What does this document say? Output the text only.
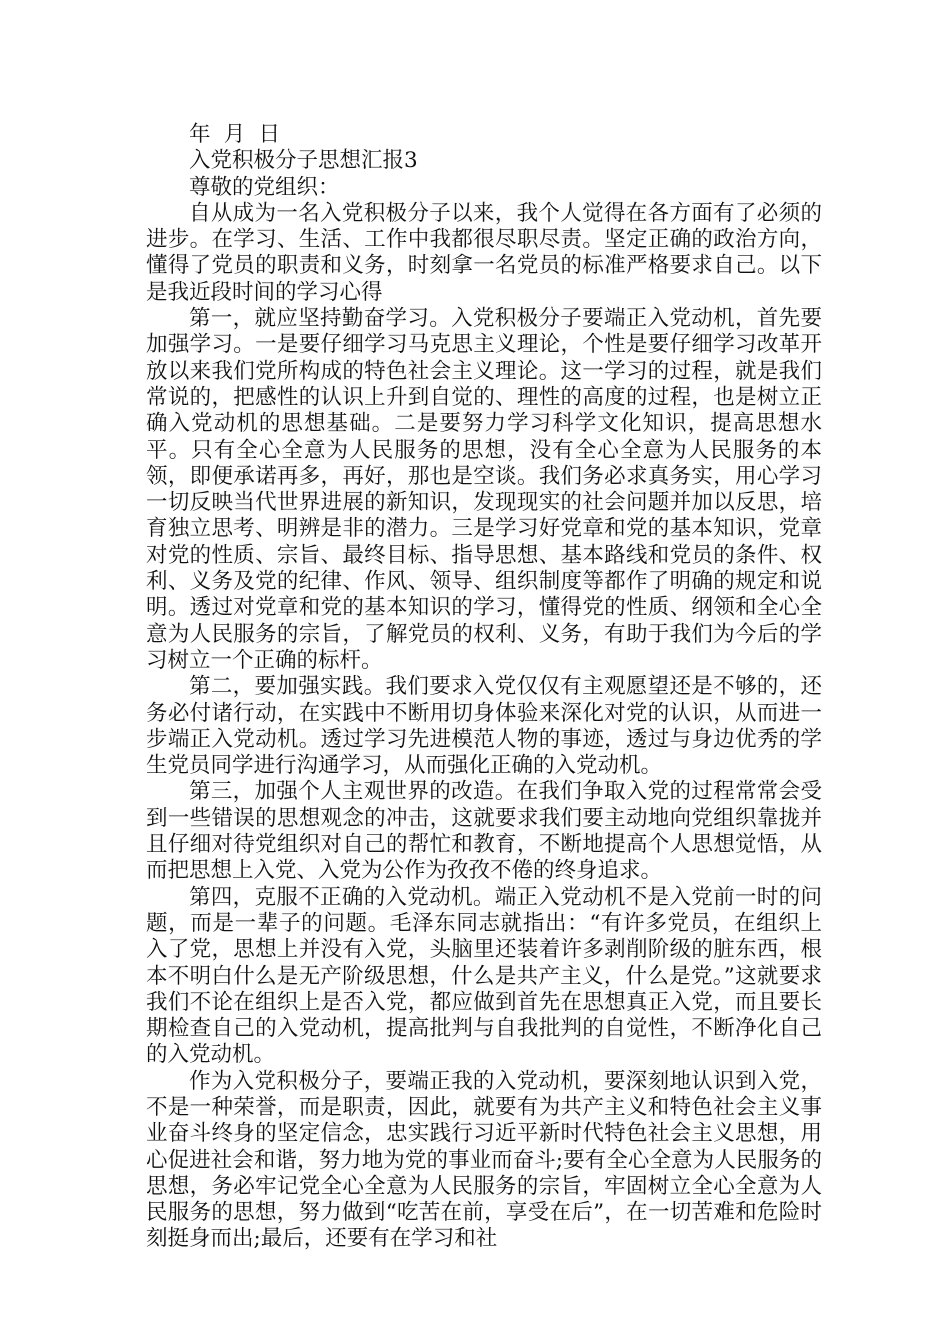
年 月 日

入党积极分子思想汇报3

尊敬的党组织：

自从成为一名入党积极分子以来，我个人觉得在各方面有了必须的进步。在学习、生活、工作中我都很尽职尽责。坚定正确的政治方向，懂得了党员的职责和义务，时刻拿一名党员的标准严格要求自己。以下是我近段时间的学习心得

第一，就应坚持勤奋学习。入党积极分子要端正入党动机，首先要加强学习。一是要仔细学习马克思主义理论，个性是要仔细学习改革开放以来我们党所构成的特色社会主义理论。这一学习的过程，就是我们常说的，把感性的认识上升到自觉的、理性的高度的过程，也是树立正确入党动机的思想基础。二是要努力学习科学文化知识，提高思想水平。只有全心全意为人民服务的思想，没有全心全意为人民服务的本领，即便承诺再多，再好，那也是空谈。我们务必求真务实，用心学习一切反映当代世界进展的新知识，发现现实的社会问题并加以反思，培育独立思考、明辨是非的潜力。三是学习好党章和党的基本知识，党章对党的性质、宗旨、最终目标、指导思想、基本路线和党员的条件、权利、义务及党的纪律、作风、领导、组织制度等都作了明确的规定和说明。透过对党章和党的基本知识的学习，懂得党的性质、纲领和全心全意为人民服务的宗旨，了解党员的权利、义务，有助于我们为今后的学习树立一个正确的标杆。

第二，要加强实践。我们要求入党仅仅有主观愿望还是不够的，还务必付诸行动，在实践中不断用切身体验来深化对党的认识，从而进一步端正入党动机。透过学习先进模范人物的事迹，透过与身边优秀的学生党员同学进行沟通学习，从而强化正确的入党动机。

第三，加强个人主观世界的改造。在我们争取入党的过程常常会受到一些错误的思想观念的冲击，这就要求我们要主动地向党组织靠拢并且仔细对待党组织对自己的帮忙和教育，不断地提高个人思想觉悟，从而把思想上入党、入党为公作为孜孜不倦的终身追求。

第四，克服不正确的入党动机。端正入党动机不是入党前一时的问题，而是一辈子的问题。毛泽东同志就指出：“有许多党员，在组织上入了党，思想上并没有入党，头脑里还装着许多剥削阶级的脏东西，根本不明白什么是无产阶级思想，什么是共产主义，什么是党。”这就要求我们不论在组织上是否入党，都应做到首先在思想真正入党，而且要长期检查自己的入党动机，提高批判与自我批判的自觉性，不断净化自己的入党动机。

作为入党积极分子，要端正我的入党动机，要深刻地认识到入党，不是一种荣誉，而是职责，因此，就要有为共产主义和特色社会主义事业奋斗终身的坚定信念，忠实践行习近平新时代特色社会主义思想，用心促进社会和谐，努力地为党的事业而奋斗;要有全心全意为人民服务的思想，务必牢记党全心全意为人民服务的宗旨，牢固树立全心全意为人民服务的思想，努力做到“吃苦在前，享受在后”，在一切苦难和危险时刻挺身而出;最后，还要有在学习和社
